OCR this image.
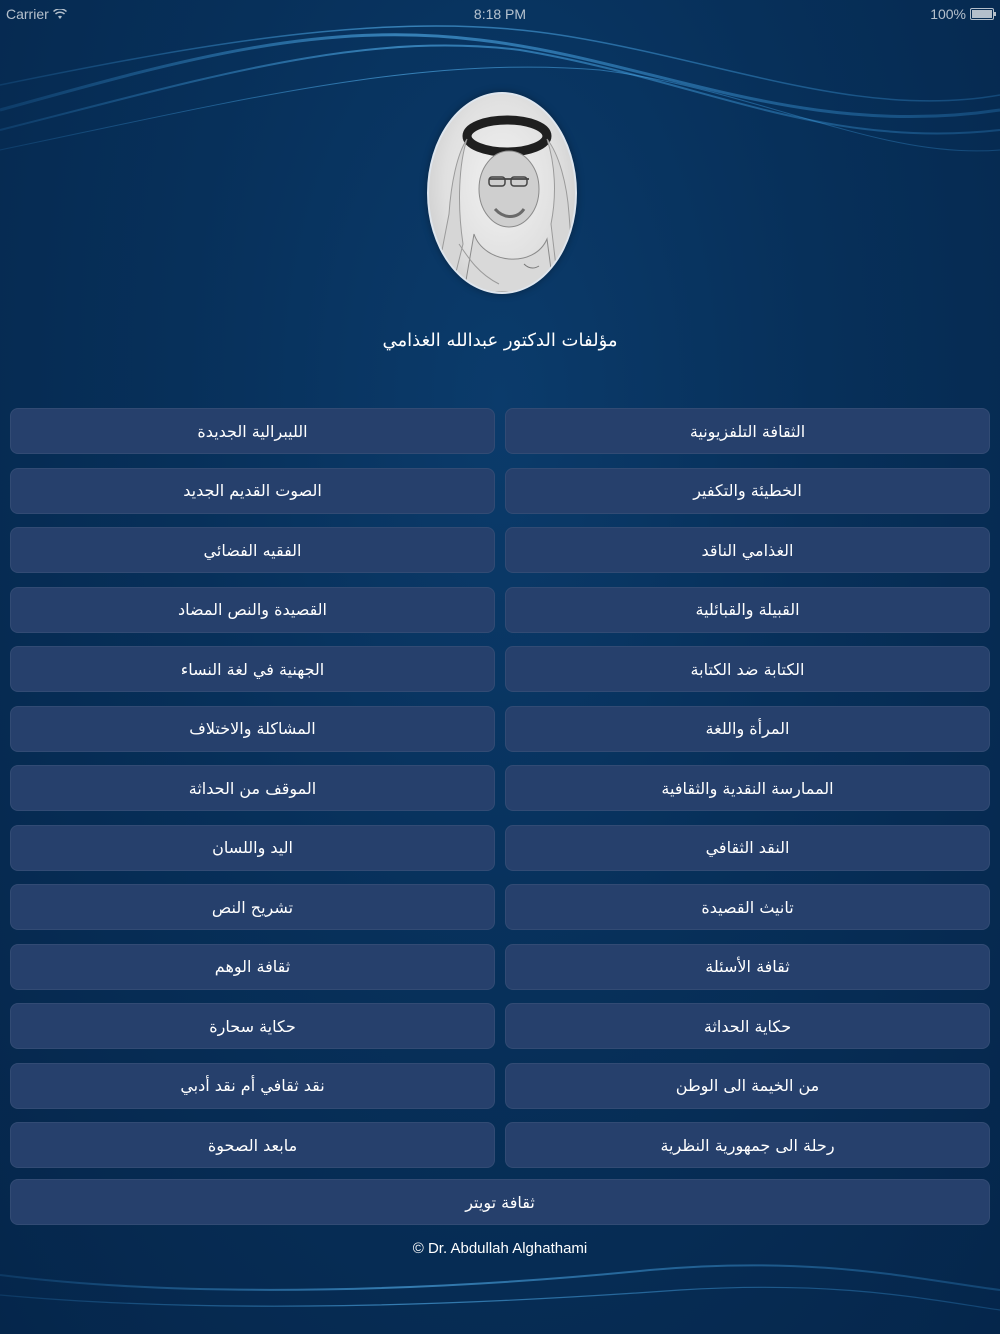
Carrier	8:18 PM	100%
مؤلفات الدكتور عبدالله الغذامي
الثقافة التلفزيونية
الليبرالية الجديدة
الخطيئة والتكفير
الصوت القديم الجديد
الغذامي الناقد
الفقيه الفضائي
القبيلة والقبائلية
القصيدة والنص المضاد
الكتابة ضد الكتابة
الجهنية في لغة النساء
المرأة واللغة
المشاكلة والاختلاف
الممارسة النقدية والثقافية
الموقف من الحداثة
النقد الثقافي
اليد واللسان
تانيث القصيدة
تشريح النص
ثقافة الأسئلة
ثقافة الوهم
حكاية الحداثة
حكاية سحارة
من الخيمة الى الوطن
نقد ثقافي أم نقد أدبي
رحلة الى جمهورية النظرية
مابعد الصحوة
ثقافة تويتر
© Dr. Abdullah Alghathami
